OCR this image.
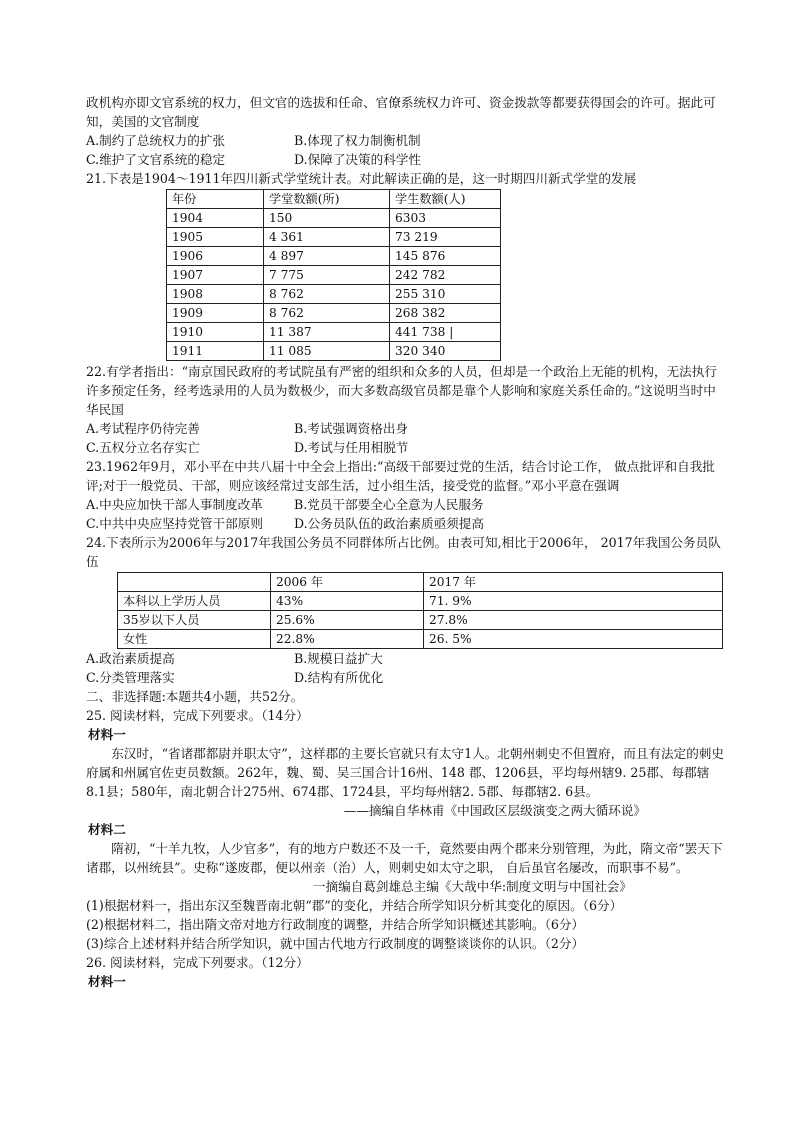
政机构亦即文官系统的权力，但文官的选拔和任命、官僚系统权力许可、资金拨款等都要获得国会的许可。据此可知，美国的文官制度

A.制约了总统权力的扩张	B.体现了权力制衡机制
C.维护了文官系统的稳定	D.保障了决策的科学性

21.下表是1904～1911年四川新式学堂统计表。对此解读正确的是，这一时期四川新式学堂的发展

年份	学堂数额(所)	学生数额(人)
1904	150	6303
1905	4 361	73 219
1906	4 897	145 876
1907	7 775	242 782
1908	8 762	255 310
1909	8 762	268 382
1910	11 387	441 738 |
1911	11 085	320 340

22.有学者指出：“南京国民政府的考试院虽有严密的组织和众多的人员，但却是一个政治上无能的机构，无法执行许多预定任务，经考选录用的人员为数极少，而大多数高级官员都是靠个人影响和家庭关系任命的。”这说明当时中华民国

A.考试程序仍待完善	B.考试强调资格出身
C.五权分立名存实亡	D.考试与任用相脱节

23.1962年9月，邓小平在中共八届十中全会上指出:“高级干部要过党的生活，结合讨论工作， 做点批评和自我批评;对于一般党员、干部，则应该经常过支部生活，过小组生活，接受党的监督。”邓小平意在强调

A.中央应加快干部人事制度改革	B.党员干部要全心全意为人民服务
C.中共中央应坚持党管干部原则	D.公务员队伍的政治素质亟须提高

24.下表所示为2006年与2017年我国公务员不同群体所占比例。由表可知,相比于2006年， 2017年我国公务员队伍

	2006 年	2017 年
本科以上学历人员	43%	71. 9%
35岁以下人员	25.6%	27.8%
女性	22.8%	26. 5%
A.政治素质提高	B.规模日益扩大
C.分类管理落实	D.结构有所优化

二、非选择题:本题共4小题，共52分。

25. 阅读材料，完成下列要求。（14分）

材料一

东汉时，“省诸郡都尉并职太守”，这样郡的主要长官就只有太守1人。北朝州刺史不但置府，而且有法定的刺史府属和州属官佐吏员数额。262年，魏、蜀、吴三国合计16州、148 郡、1206县，平均每州辖9. 25郡、每郡辖8.1县；580年，南北朝合计275州、674郡、1724县，平均每州辖2. 5郡、每郡辖2. 6县。

——摘编自华林甫《中国政区层级演变之两大循环说》

材料二

隋初，“十羊九牧，人少官多”，有的地方户数还不及一千，竟然要由两个郡来分别管理，为此，隋文帝“罢天下诸郡，以州统县”。史称“遂废郡，便以州亲（治）人，则刺史如太守之职， 自后虽官名屡改，而职事不易”。

一摘编自葛剑雄总主编《大哉中华:制度文明与中国社会》

(1)根据材料一，指出东汉至魏晋南北朝“郡”的变化，并结合所学知识分析其变化的原因。（6分）

(2)根据材料二，指出隋文帝对地方行政制度的调整，并结合所学知识概述其影响。（6分）

(3)综合上述材料并结合所学知识，就中国古代地方行政制度的调整谈谈你的认识。（2分）

26. 阅读材料，完成下列要求。（12分）

材料一
